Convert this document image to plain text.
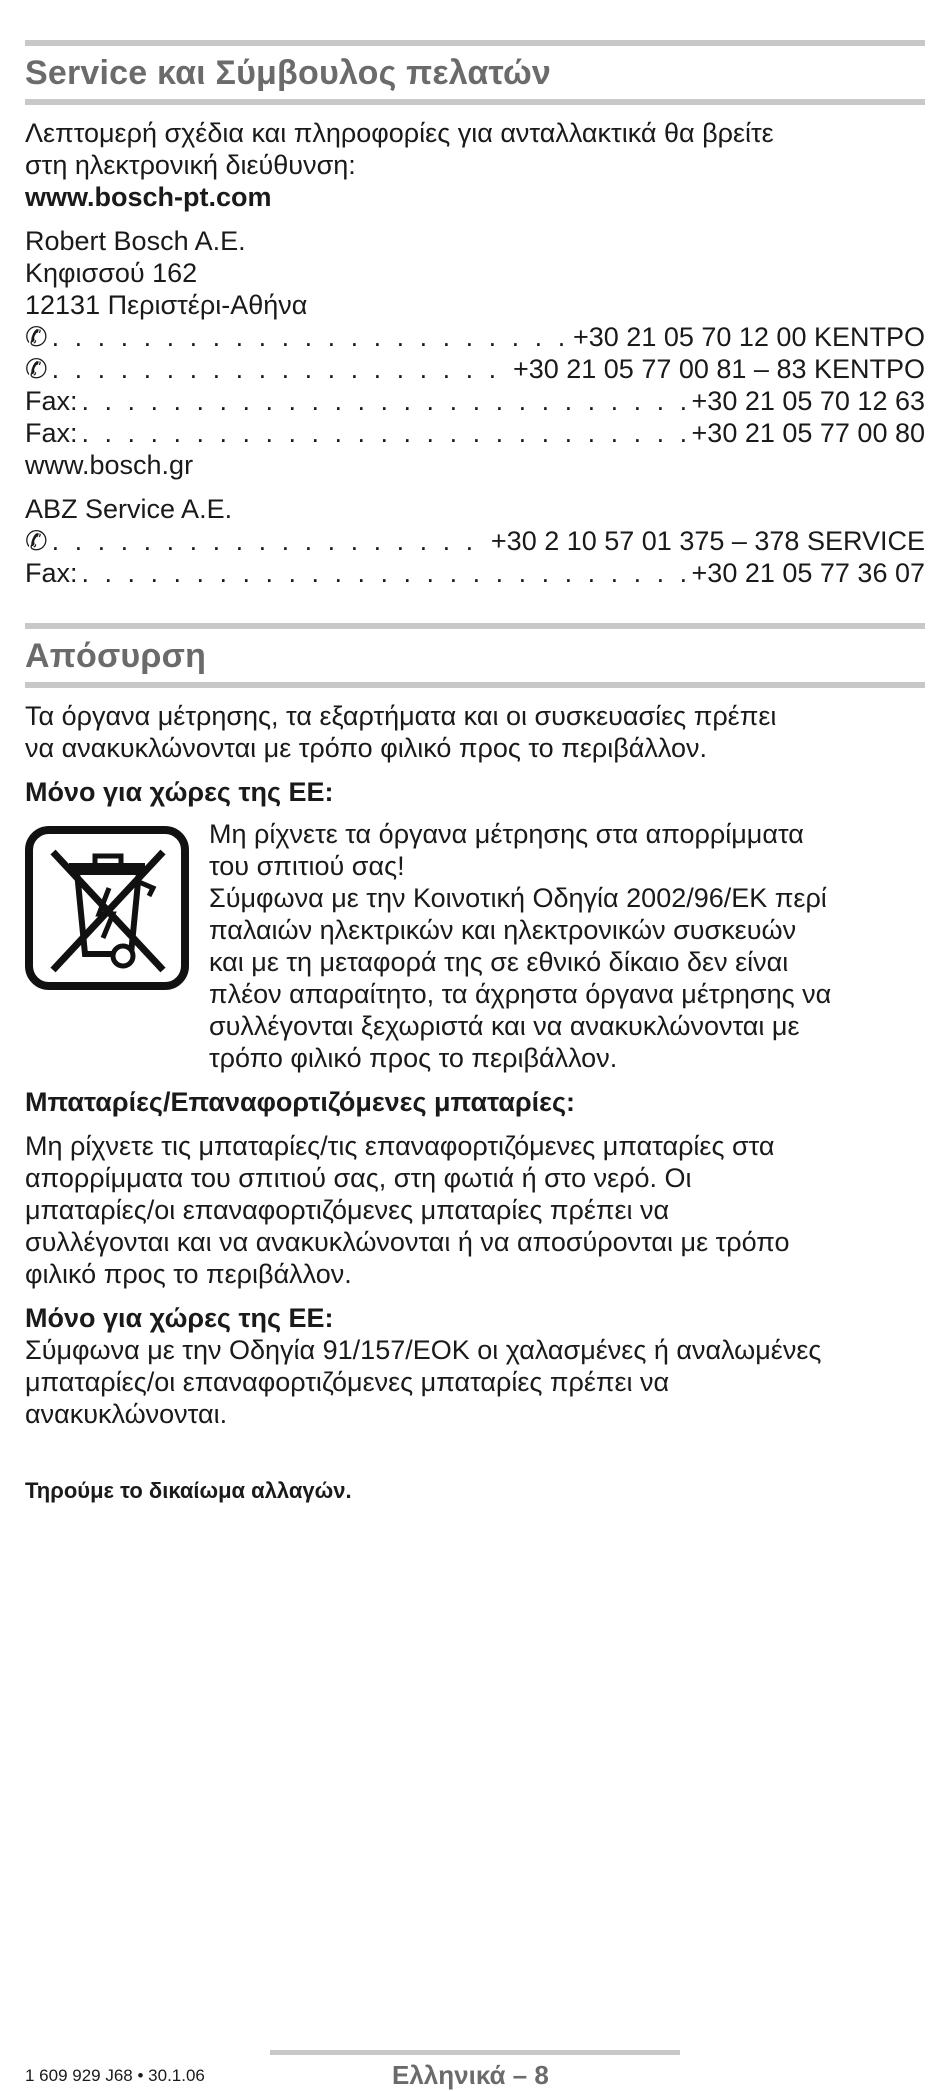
Service και Σύμβουλος πελατών
Λεπτομερή σχέδια και πληροφορίες για ανταλλακτικά θα βρείτε
στη ηλεκτρονική διεύθυνση:
www.bosch-pt.com
Robert Bosch A.E.
Κηφισσού 162
12131 Περιστέρι-Αθήνα
✆ . . .	+30 21 05 70 12 00 ΚΕΝΤΡΟ
✆ . . .	+30 21 05 77 00 81 – 83 ΚΕΝΤΡΟ
Fax: . . .	+30 21 05 70 12 63
Fax: . . .	+30 21 05 77 00 80
www.bosch.gr
ABZ Service A.E.
✆ . . .	+30 2 10 57 01 375 – 378 SERVICE
Fax: . . .	+30 21 05 77 36 07
Απόσυρση
Τα όργανα μέτρησης, τα εξαρτήματα και οι συσκευασίες πρέπει
να ανακυκλώνονται με τρόπο φιλικό προς το περιβάλλον.
Μόνο για χώρες της ΕΕ:
Μη ρίχνετε τα όργανα μέτρησης στα απορρίμματα
του σπιτιού σας!
Σύμφωνα με την Κοινοτική Οδηγία 2002/96/ΕΚ περί
παλαιών ηλεκτρικών και ηλεκτρονικών συσκευών
και με τη μεταφορά της σε εθνικό δίκαιο δεν είναι
πλέον απαραίτητο, τα άχρηστα όργανα μέτρησης να
συλλέγονται ξεχωριστά και να ανακυκλώνονται με
τρόπο φιλικό προς το περιβάλλον.
Μπαταρίες/Επαναφορτιζόμενες μπαταρίες:
Μη ρίχνετε τις μπαταρίες/τις επαναφορτιζόμενες μπαταρίες στα
απορρίμματα του σπιτιού σας, στη φωτιά ή στο νερό. Οι
μπαταρίες/οι επαναφορτιζόμενες μπαταρίες πρέπει να
συλλέγονται και να ανακυκλώνονται ή να αποσύρονται με τρόπο
φιλικό προς το περιβάλλον.
Μόνο για χώρες της ΕΕ:
Σύμφωνα με την Οδηγία 91/157/ΕΟΚ οι χαλασμένες ή αναλωμένες
μπαταρίες/οι επαναφορτιζόμενες μπαταρίες πρέπει να
ανακυκλώνονται.
Τηρούμε το δικαίωμα αλλαγών.
1 609 929 J68 • 30.1.06	Ελληνικά – 8
